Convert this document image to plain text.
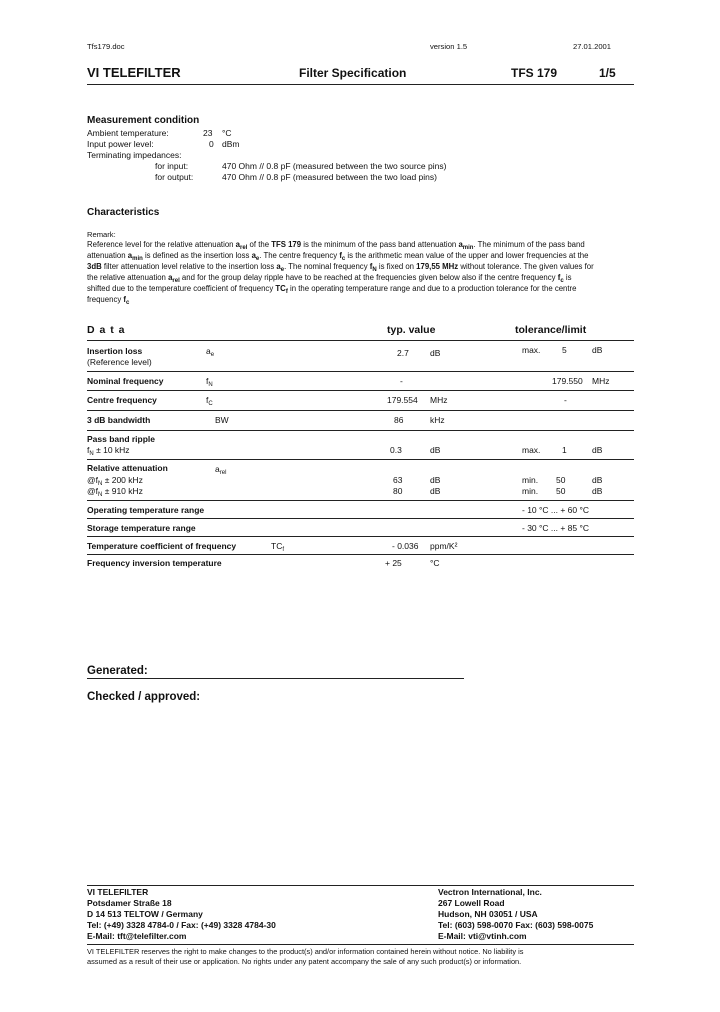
Tfs179.doc	version 1.5	27.01.2001
VI TELEFILTER	Filter Specification	TFS 179	1/5
Measurement condition
Ambient temperature:	23 °C
Input power level:	0 dBm
Terminating impedances:
for input:	470 Ohm // 0.8 pF (measured between the two source pins)
for output:	470 Ohm // 0.8 pF (measured between the two load pins)
Characteristics
Remark:

Reference level for the relative attenuation $a_{rel}$ of the TFS 179 is the minimum of the pass band attenuation $a_{min}$. The minimum of the pass band

attenuation $a_{min}$ is defined as the insertion loss $a_e$. The centre frequency $f_c$ is the arithmetic mean value of the upper and lower frequencies at the

3dB filter attenuation level relative to the insertion loss $a_e$. The nominal frequency $f_N$ is fixed on 179,55 MHz without tolerance. The given values for

the relative attenuation $a_{rel}$ and for the group delay ripple have to be reached at the frequencies given below also if the centre frequency $f_c$ is

shifted due to the temperature coefficient of frequency $TC_f$ in the operating temperature range and due to a production tolerance for the centre

frequency $f_c$

D a t a	typ. value	tolerance/limit
Insertion loss
(Reference level)
$a_e$	2.7 dB	max.	5	dB
Nominal frequency	$f_N$	-	179.550 MHz
Centre frequency	$f_C$	179.554 MHz	-
3 dB bandwidth	BW	86	kHz
Pass band ripple
$f_N \pm 10$ kHz	0.3	dB	max.	1	dB
Relative attenuation	$a_{rel}$
$@f_N \pm 200$ kHz	63	dB	min. 50	dB
$@f_N \pm 910$ kHz	80	dB	min. 50	dB
Operating temperature range	- 10 °C ... + 60 °C
Storage temperature range	- 30 °C ... + 85 °C
Temperature coefficient of frequency	$TC_f$	- 0.036 ppm/K²
Frequency inversion temperature	+ 25	°C
Generated:
Checked / approved:
VI TELEFILTER
Potsdamer Straße 18
D 14 513 TELTOW / Germany
Tel: (+49) 3328 4784-0 / Fax: (+49) 3328 4784-30
E-Mail: tft@telefilter.com
Vectron International, Inc.
267 Lowell Road
Hudson, NH 03051 / USA
Tel: (603) 598-0070 Fax: (603) 598-0075
E-Mail: vti@vtinh.com
VI TELEFILTER reserves the right to make changes to the product(s) and/or information contained herein without notice. No liability is
assumed as a result of their use or application. No rights under any patent accompany the sale of any such product(s) or information.
